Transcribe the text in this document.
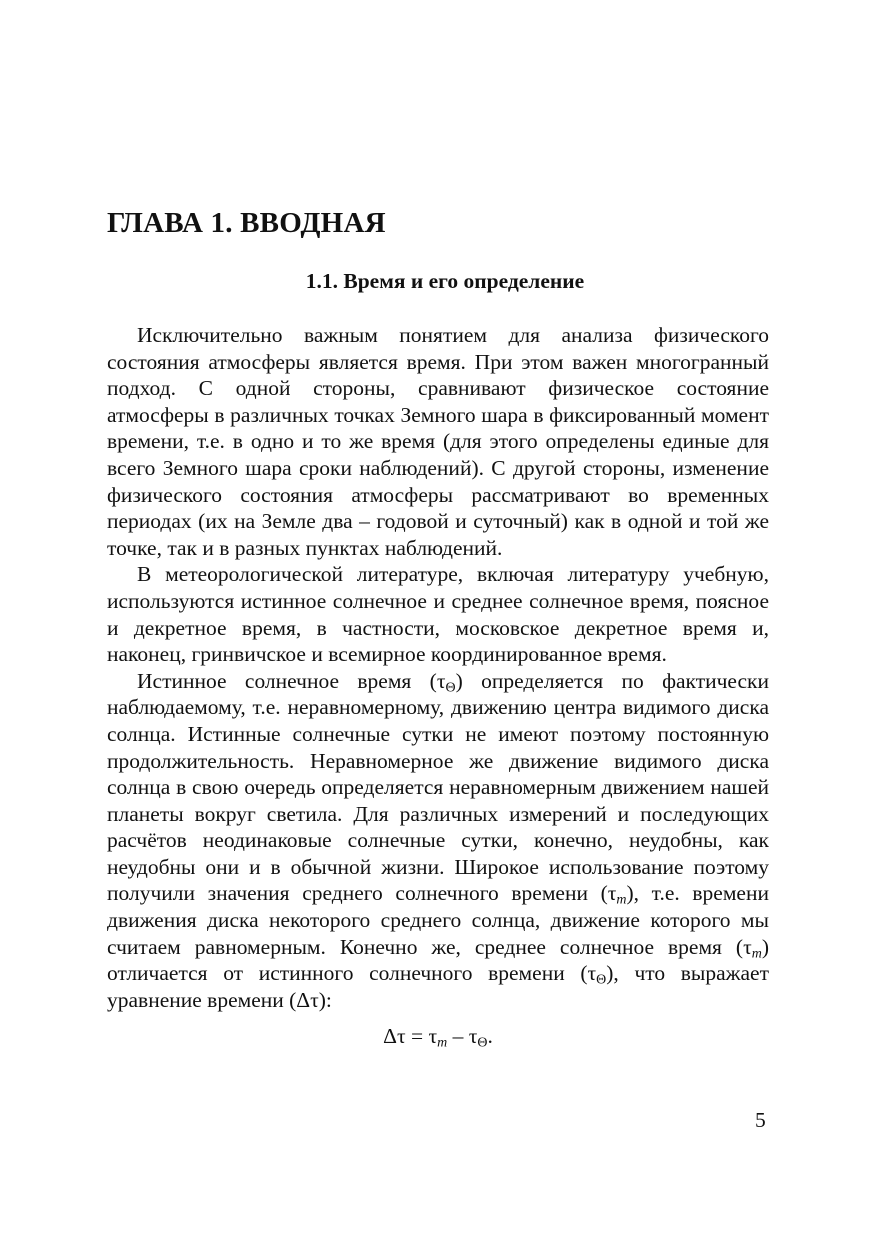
ГЛАВА 1. ВВОДНАЯ
1.1. Время и его определение

Исключительно важным понятием для анализа физического состояния атмосферы является время. При этом важен многогранный подход. С одной стороны, сравнивают физическое состояние атмосферы в различных точках Земного шара в фиксированный момент времени, т.е. в одно и то же время (для этого определены единые для всего Земного шара сроки наблюдений). С другой стороны, изменение физического состояния атмосферы рассматривают во временных периодах (их на Земле два – годовой и суточный) как в одной и той же точке, так и в разных пунктах наблюдений.

В метеорологической литературе, включая литературу учебную, используются истинное солнечное и среднее солнечное время, поясное и декретное время, в частности, московское декретное время и, наконец, гринвичское и всемирное координированное время.

Истинное солнечное время $(\tau_\Theta)$ определяется по фактически наблюдаемому, т.е. неравномерному, движению центра видимого диска солнца. Истинные солнечные сутки не имеют поэтому постоянную продолжительность. Неравномерное же движение видимого диска солнца в свою очередь определяется неравномерным движением нашей планеты вокруг светила. Для различных измерений и последующих расчётов неодинаковые солнечные сутки, конечно, неудобны, как неудобны они и в обычной жизни. Широкое использование поэтому получили значения среднего солнечного времени $(\tau_m)$, т.е. времени движения диска некоторого среднего солнца, движение которого мы считаем равномерным. Конечно же, среднее солнечное время $(\tau_m)$ отличается от истинного солнечного времени $(\tau_\Theta)$, что выражает уравнение времени (Δτ):

$\Delta\tau = \tau_m - \tau_\Theta$.
5
